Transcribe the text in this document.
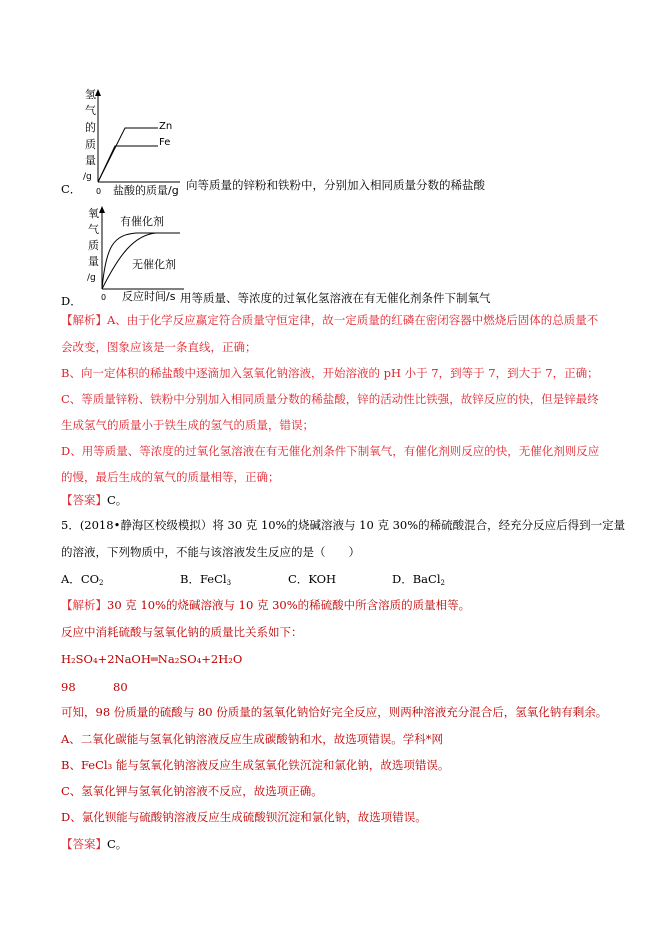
氢
气
的
质
量
/g
0 盐酸的质量/g
Zn
Fe
C．	向等质量的锌粉和铁粉中，分别加入相同质量分数的稀盐酸
氧
气
质
量
/g
0 反应时间/s
有催化剂
无催化剂
D．	用等质量、等浓度的过氧化氢溶液在有无催化剂条件下制氧气
【解析】A、由于化学反应赢定符合质量守恒定律，故一定质量的红磷在密闭容器中燃烧后固体的总质量不
会改变，图象应该是一条直线，正确；
B、向一定体积的稀盐酸中逐滴加入氢氧化钠溶液，开始溶液的 pH 小于 7，到等于 7，到大于 7，正确；
C、等质量锌粉、铁粉中分别加入相同质量分数的稀盐酸，锌的活动性比铁强，故锌反应的快，但是锌最终
生成氢气的质量小于铁生成的氢气的质量，错误；
D、用等质量、等浓度的过氧化氢溶液在有无催化剂条件下制氧气，有催化剂则反应的快，无催化剂则反应
的慢，最后生成的氧气的质量相等，正确；
【答案】C。
5．(2018•静海区校级模拟）将 30 克 10%的烧碱溶液与 10 克 30%的稀硫酸混合，经充分反应后得到一定量
的溶液，下列物质中，不能与该溶液发生反应的是（　　）
A．$CO_2$	B．FeCl$_3$	C．KOH	D．BaCl$_2$
【解析】30 克 10%的烧碱溶液与 10 克 30%的稀硫酸中所含溶质的质量相等。
反应中消耗硫酸与氢氧化钠的质量比关系如下：
H₂SO₄+2NaOH═Na₂SO₄+2H₂O
98	80
可知，98 份质量的硫酸与 80 份质量的氢氧化钠恰好完全反应，则两种溶液充分混合后，氢氧化钠有剩余。
A、二氧化碳能与氢氧化钠溶液反应生成碳酸钠和水，故选项错误。学科*网
B、FeCl₃ 能与氢氧化钠溶液反应生成氢氧化铁沉淀和氯化钠，故选项错误。
C、氢氧化钾与氢氧化钠溶液不反应，故选项正确。
D、氯化钡能与硫酸钠溶液反应生成硫酸钡沉淀和氯化钠，故选项错误。
【答案】C。
